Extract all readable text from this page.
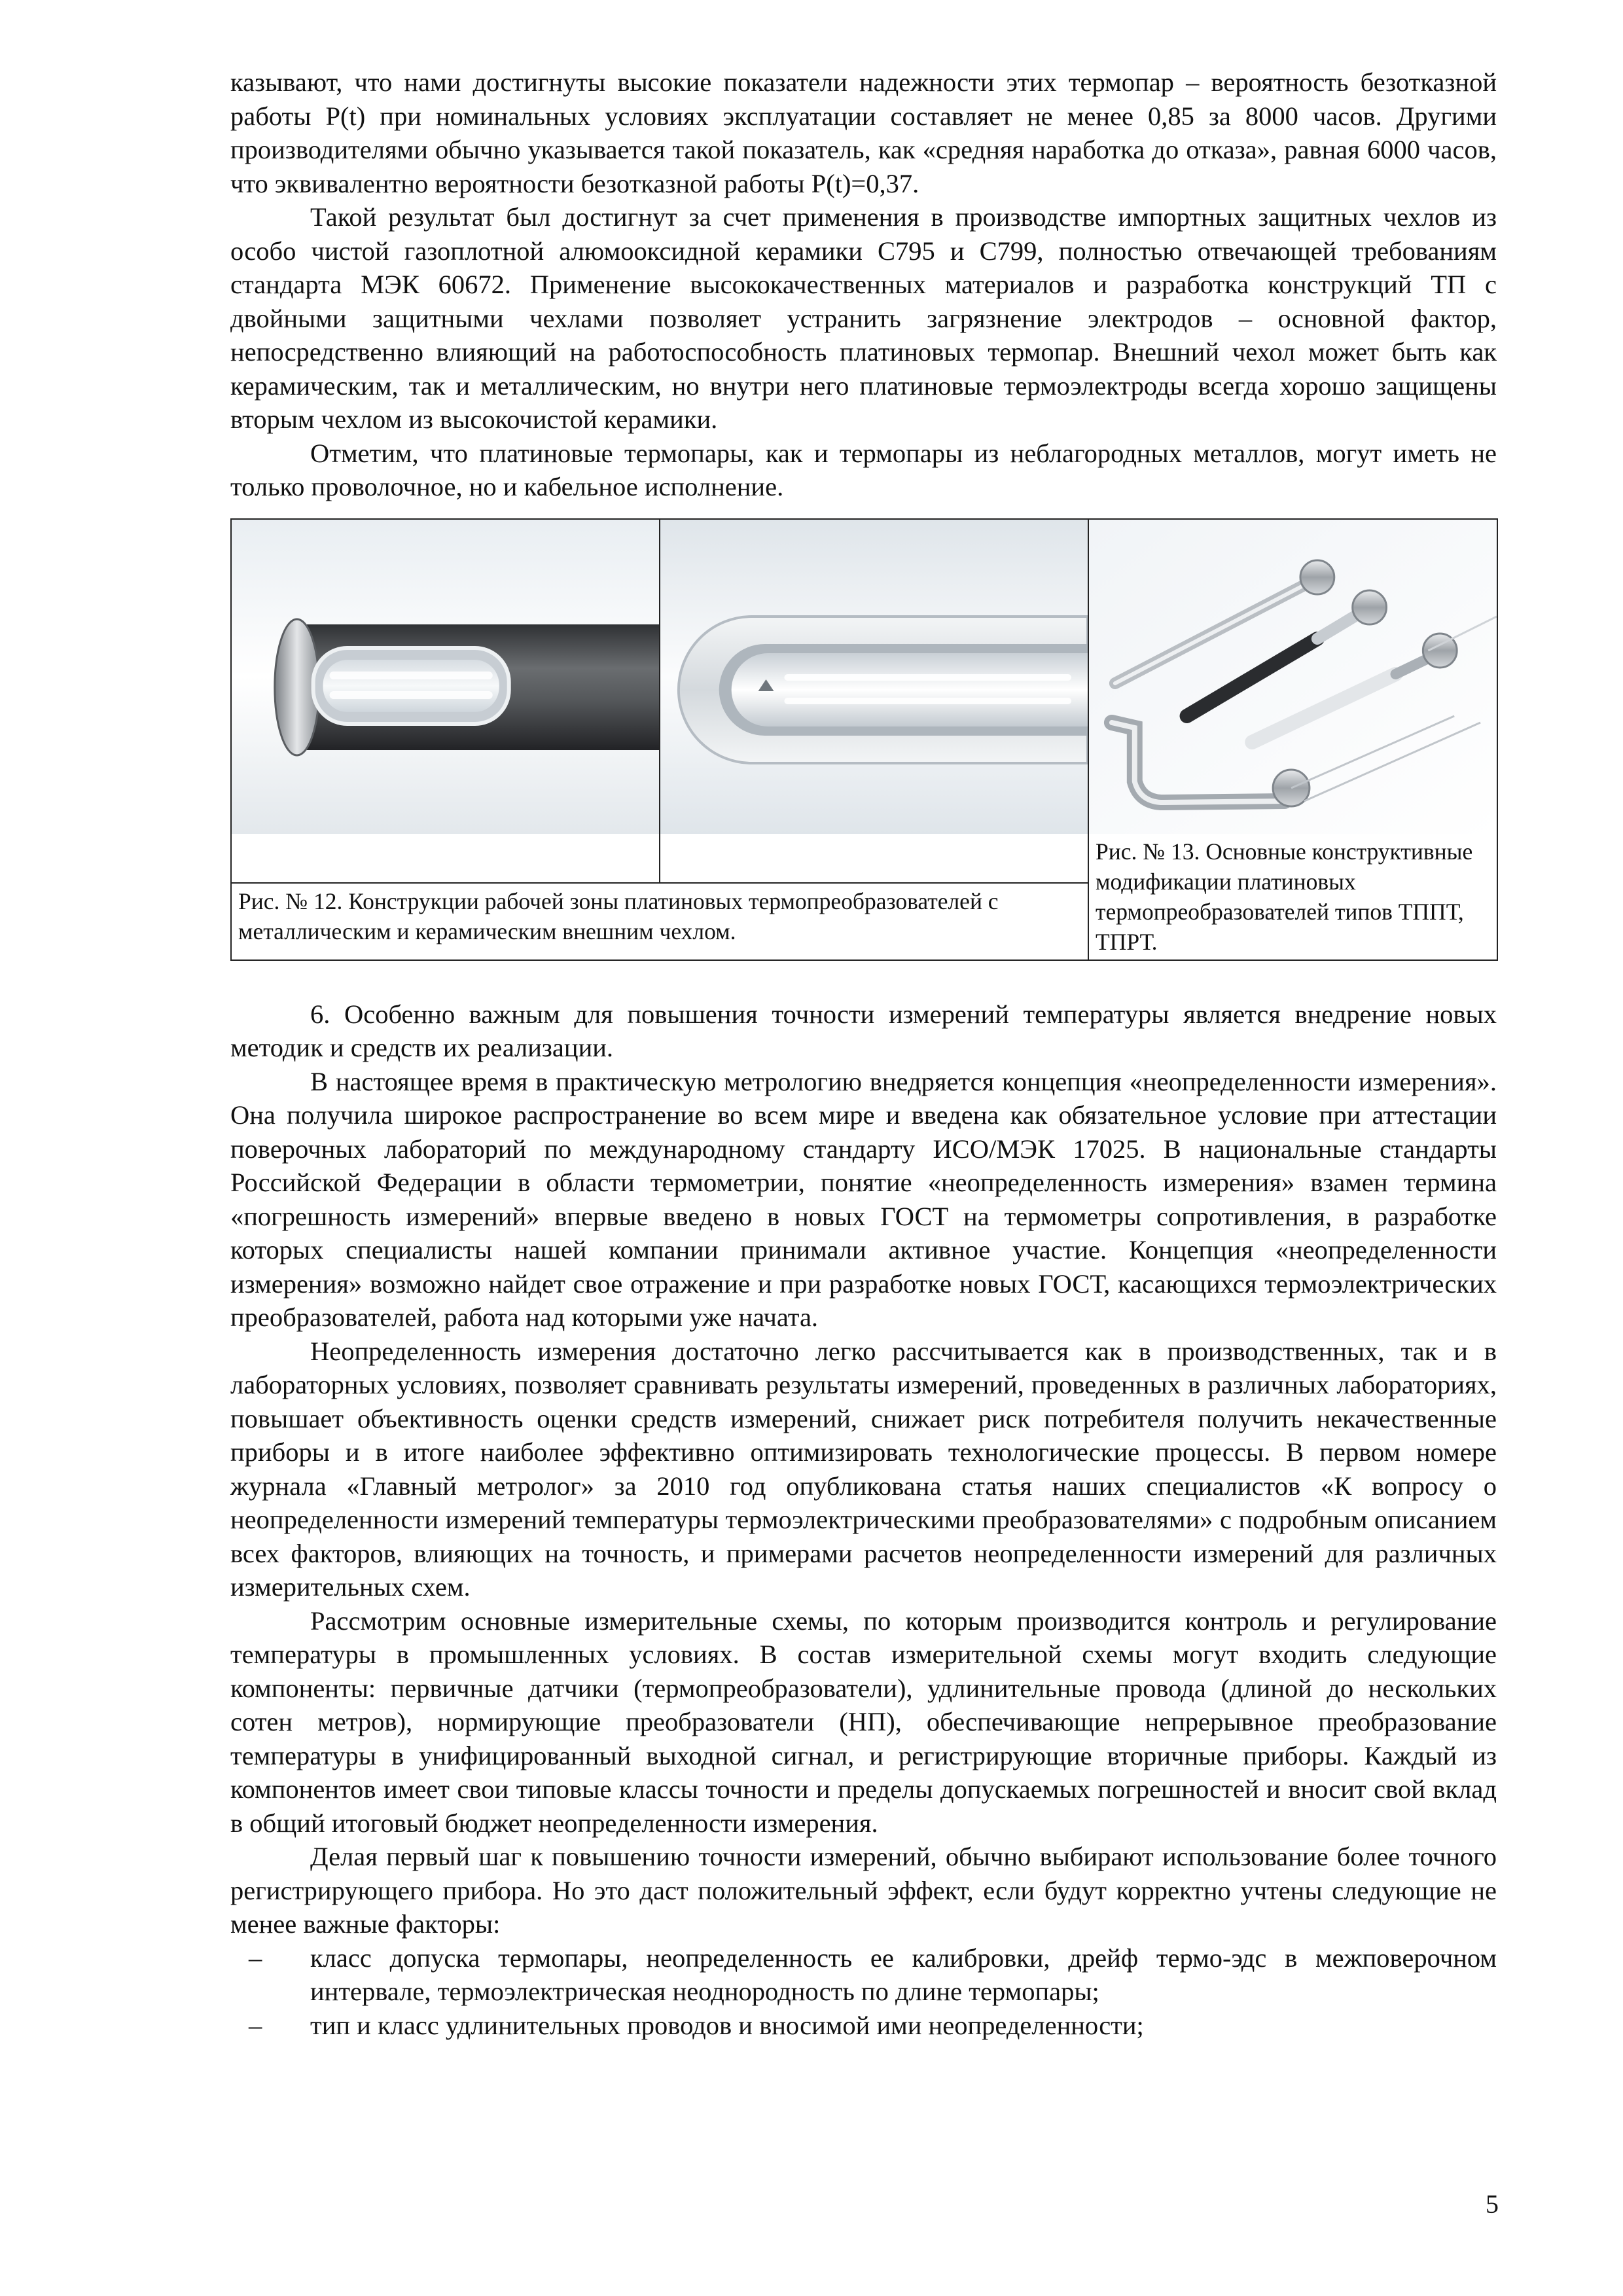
казывают, что нами достигнуты высокие показатели надежности этих термопар – вероятность безотказной работы P(t) при номинальных условиях эксплуатации составляет не менее 0,85 за 8000 часов. Другими производителями обычно указывается такой показатель, как «средняя наработка до отказа», равная 6000 часов, что эквивалентно вероятности безотказной работы P(t)=0,37.

Такой результат был достигнут за счет применения в производстве импортных защитных чехлов из особо чистой газоплотной алюмооксидной керамики C795 и C799, полностью отвечающей требованиям стандарта МЭК 60672. Применение высококачественных материалов и разработка конструкций ТП с двойными защитными чехлами позволяет устранить загрязнение электродов – основной фактор, непосредственно влияющий на работоспособность платиновых термопар. Внешний чехол может быть как керамическим, так и металлическим, но внутри него платиновые термоэлектроды всегда хорошо защищены вторым чехлом из высокочистой керамики.

Отметим, что платиновые термопары, как и термопары из неблагородных металлов, могут иметь не только проволочное, но и кабельное исполнение.

Рис. № 13. Основные конструктивные модификации платиновых термопреобразователей типов ТППТ, ТПРТ.

Рис. № 12. Конструкции рабочей зоны платиновых термопреобразователей с металлическим и керамическим внешним чехлом.

6. Особенно важным для повышения точности измерений температуры является внедрение новых методик и средств их реализации.

В настоящее время в практическую метрологию внедряется концепция «неопределенности измерения». Она получила широкое распространение во всем мире и введена как обязательное условие при аттестации поверочных лабораторий по международному стандарту ИСО/МЭК 17025. В национальные стандарты Российской Федерации в области термометрии, понятие «неопределенность измерения» взамен термина «погрешность измерений» впервые введено в новых ГОСТ на термометры сопротивления, в разработке которых специалисты нашей компании принимали активное участие. Концепция «неопределенности измерения» возможно найдет свое отражение и при разработке новых ГОСТ, касающихся термоэлектрических преобразователей, работа над которыми уже начата.

Неопределенность измерения достаточно легко рассчитывается как в производственных, так и в лабораторных условиях, позволяет сравнивать результаты измерений, проведенных в различных лабораториях, повышает объективность оценки средств измерений, снижает риск потребителя получить некачественные приборы и в итоге наиболее эффективно оптимизировать технологические процессы. В первом номере журнала «Главный метролог» за 2010 год опубликована статья наших специалистов «К вопросу о неопределенности измерений температуры термоэлектрическими преобразователями» с подробным описанием всех факторов, влияющих на точность, и примерами расчетов неопределенности измерений для различных измерительных схем.

Рассмотрим основные измерительные схемы, по которым производится контроль и регулирование температуры в промышленных условиях. В состав измерительной схемы могут входить следующие компоненты: первичные датчики (термопреобразователи), удлинительные провода (длиной до нескольких сотен метров), нормирующие преобразователи (НП), обеспечивающие непрерывное преобразование температуры в унифицированный выходной сигнал, и регистрирующие вторичные приборы. Каждый из компонентов имеет свои типовые классы точности и пределы допускаемых погрешностей и вносит свой вклад в общий итоговый бюджет неопределенности измерения.

Делая первый шаг к повышению точности измерений, обычно выбирают использование более точного регистрирующего прибора. Но это даст положительный эффект, если будут корректно учтены следующие не менее важные факторы:

– класс допуска термопары, неопределенность ее калибровки, дрейф термо-эдс в межповерочном интервале, термоэлектрическая неоднородность по длине термопары;
– тип и класс удлинительных проводов и вносимой ими неопределенности;
5
